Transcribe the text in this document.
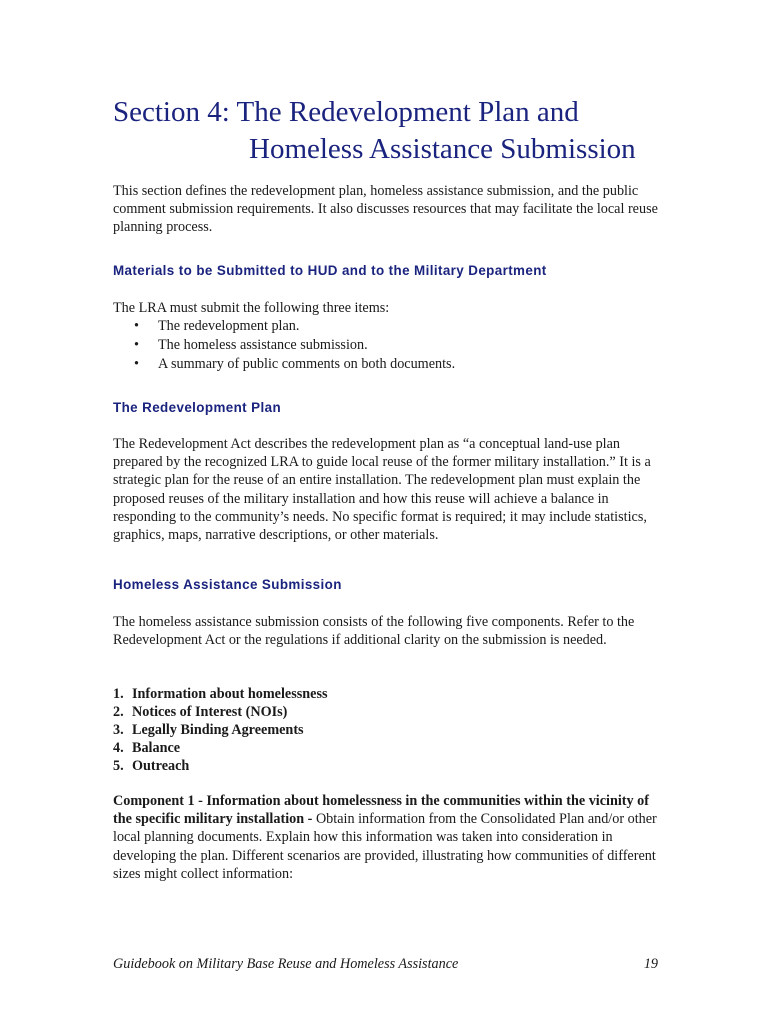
Section 4: The Redevelopment Plan and
Homeless Assistance Submission

This section defines the redevelopment plan, homeless assistance submission, and the public comment submission requirements. It also discusses resources that may facilitate the local reuse planning process.

Materials to be Submitted to HUD and to the Military Department

The LRA must submit the following three items:

• The redevelopment plan.
• The homeless assistance submission.
• A summary of public comments on both documents.
The Redevelopment Plan

The Redevelopment Act describes the redevelopment plan as “a conceptual land-use plan prepared by the recognized LRA to guide local reuse of the former military installation.” It is a strategic plan for the reuse of an entire installation. The redevelopment plan must explain the proposed reuses of the military installation and how this reuse will achieve a balance in responding to the community’s needs. No specific format is required; it may include statistics, graphics, maps, narrative descriptions, or other materials.

Homeless Assistance Submission

The homeless assistance submission consists of the following five components. Refer to the Redevelopment Act or the regulations if additional clarity on the submission is needed.

1. Information about homelessness
2. Notices of Interest (NOIs)
3. Legally Binding Agreements
4. Balance
5. Outreach

Component 1 - Information about homelessness in the communities within the vicinity of the specific military installation - Obtain information from the Consolidated Plan and/or other local planning documents. Explain how this information was taken into consideration in developing the plan. Different scenarios are provided, illustrating how communities of different sizes might collect information:

Guidebook on Military Base Reuse and Homeless Assistance	19
